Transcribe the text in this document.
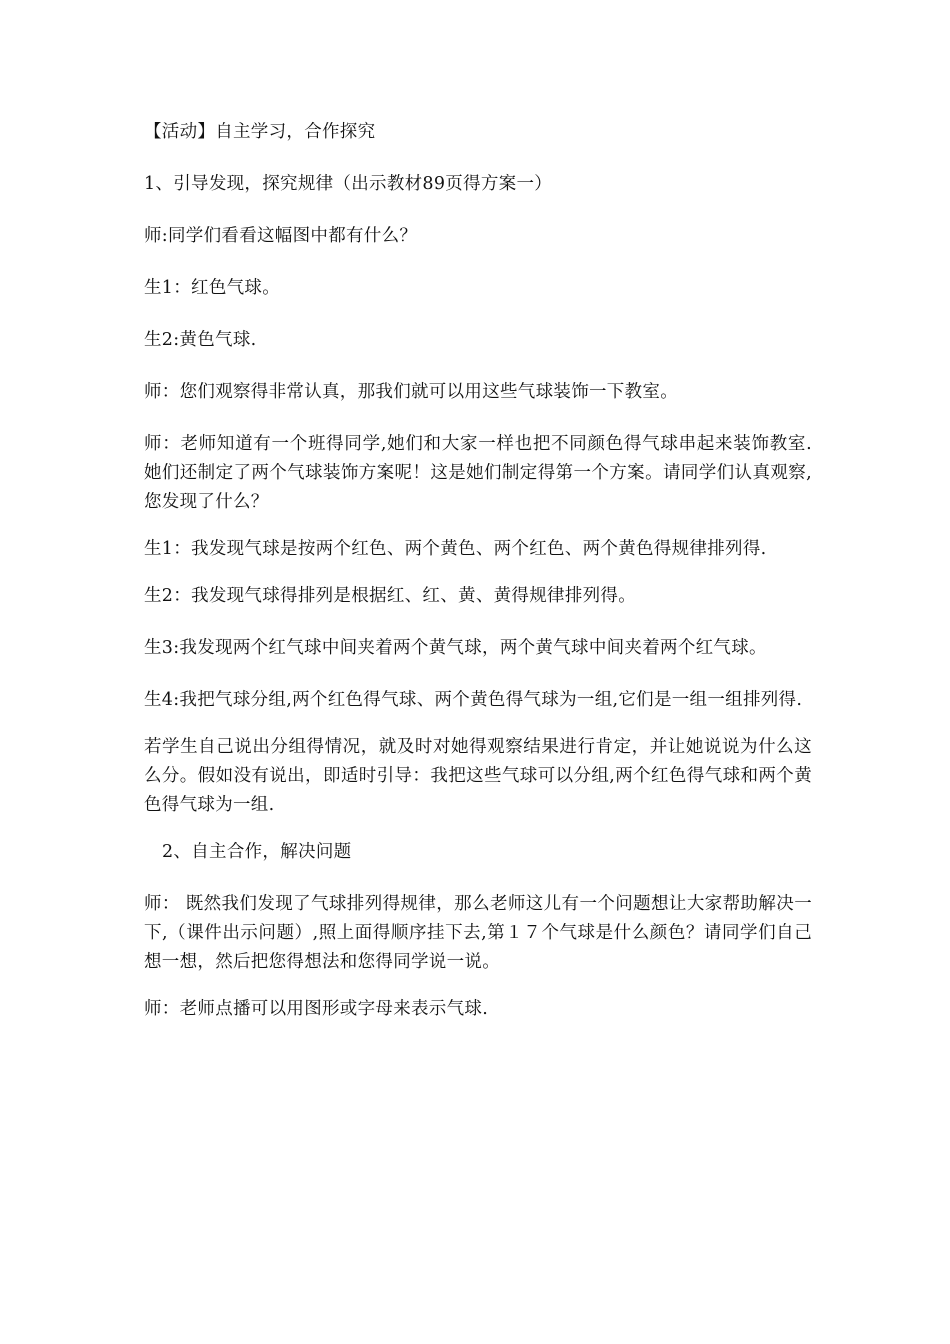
【活动】自主学习，合作探究

1、引导发现，探究规律（出示教材89页得方案一）

师:同学们看看这幅图中都有什么？

生1：红色气球。

生2:黄色气球.

师：您们观察得非常认真，那我们就可以用这些气球装饰一下教室。

师：老师知道有一个班得同学,她们和大家一样也把不同颜色得气球串起来装饰教室.她们还制定了两个气球装饰方案呢！这是她们制定得第一个方案。请同学们认真观察,您发现了什么？

生1：我发现气球是按两个红色、两个黄色、两个红色、两个黄色得规律排列得.

生2：我发现气球得排列是根据红、红、黄、黄得规律排列得。

生3:我发现两个红气球中间夹着两个黄气球，两个黄气球中间夹着两个红气球。

生4:我把气球分组,两个红色得气球、两个黄色得气球为一组,它们是一组一组排列得.

若学生自己说出分组得情况，就及时对她得观察结果进行肯定，并让她说说为什么这么分。假如没有说出，即适时引导：我把这些气球可以分组,两个红色得气球和两个黄色得气球为一组.

2、自主合作，解决问题

师： 既然我们发现了气球排列得规律，那么老师这儿有一个问题想让大家帮助解决一下,（课件出示问题）,照上面得顺序挂下去,第１７个气球是什么颜色？请同学们自己想一想，然后把您得想法和您得同学说一说。

师：老师点播可以用图形或字母来表示气球.
